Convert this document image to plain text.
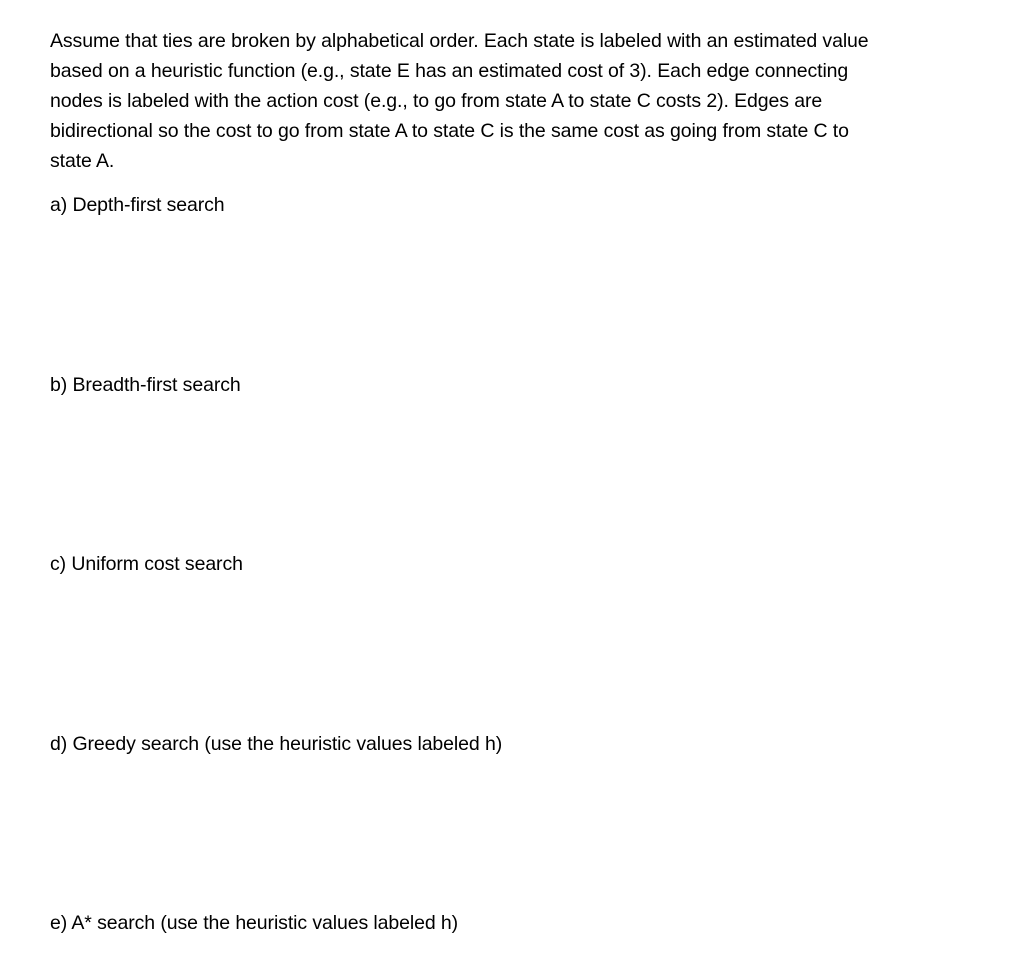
Assume that ties are broken by alphabetical order. Each state is labeled with an estimated value
based on a heuristic function (e.g., state E has an estimated cost of 3). Each edge connecting
nodes is labeled with the action cost (e.g., to go from state A to state C costs 2). Edges are
bidirectional so the cost to go from state A to state C is the same cost as going from state C to
state A.
a) Depth-first search
b) Breadth-first search
c) Uniform cost search
d) Greedy search (use the heuristic values labeled h)
e) A* search (use the heuristic values labeled h)
